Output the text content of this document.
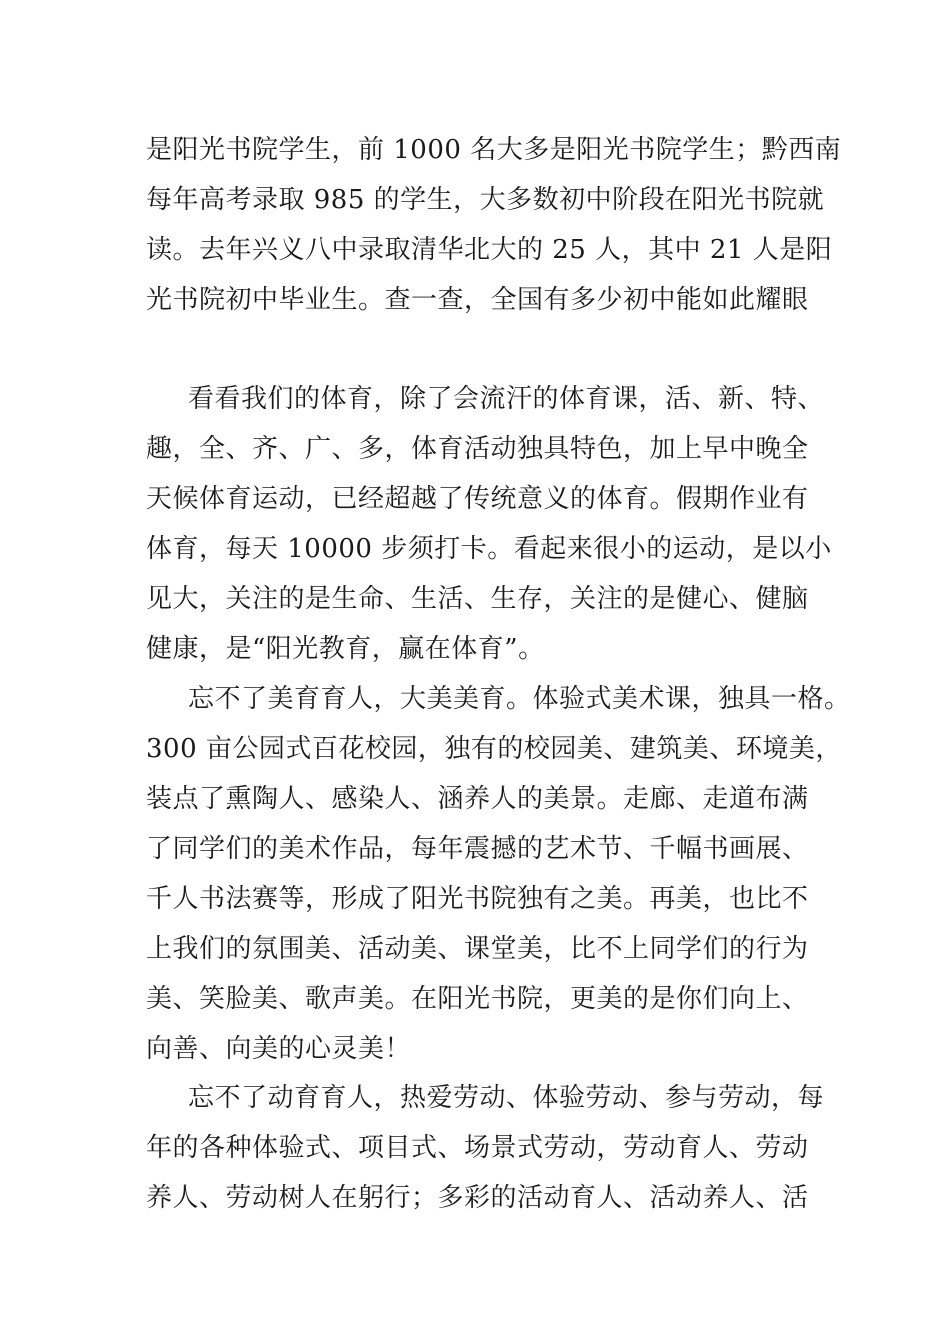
是阳光书院学生，前 1000 名大多是阳光书院学生；黔西南
每年高考录取 985 的学生，大多数初中阶段在阳光书院就
读。去年兴义八中录取清华北大的 25 人，其中 21 人是阳
光书院初中毕业生。查一查，全国有多少初中能如此耀眼
看看我们的体育，除了会流汗的体育课，活、新、特、
趣，全、齐、广、多，体育活动独具特色，加上早中晚全
天候体育运动，已经超越了传统意义的体育。假期作业有
体育，每天 10000 步须打卡。看起来很小的运动，是以小
见大，关注的是生命、生活、生存，关注的是健心、健脑
健康，是“阳光教育，赢在体育”。
忘不了美育育人，大美美育。体验式美术课，独具一格。
300 亩公园式百花校园，独有的校园美、建筑美、环境美，
装点了熏陶人、感染人、涵养人的美景。走廊、走道布满
了同学们的美术作品，每年震撼的艺术节、千幅书画展、
千人书法赛等，形成了阳光书院独有之美。再美，也比不
上我们的氛围美、活动美、课堂美，比不上同学们的行为
美、笑脸美、歌声美。在阳光书院，更美的是你们向上、
向善、向美的心灵美！
忘不了动育育人，热爱劳动、体验劳动、参与劳动，每
年的各种体验式、项目式、场景式劳动，劳动育人、劳动
养人、劳动树人在躬行；多彩的活动育人、活动养人、活
